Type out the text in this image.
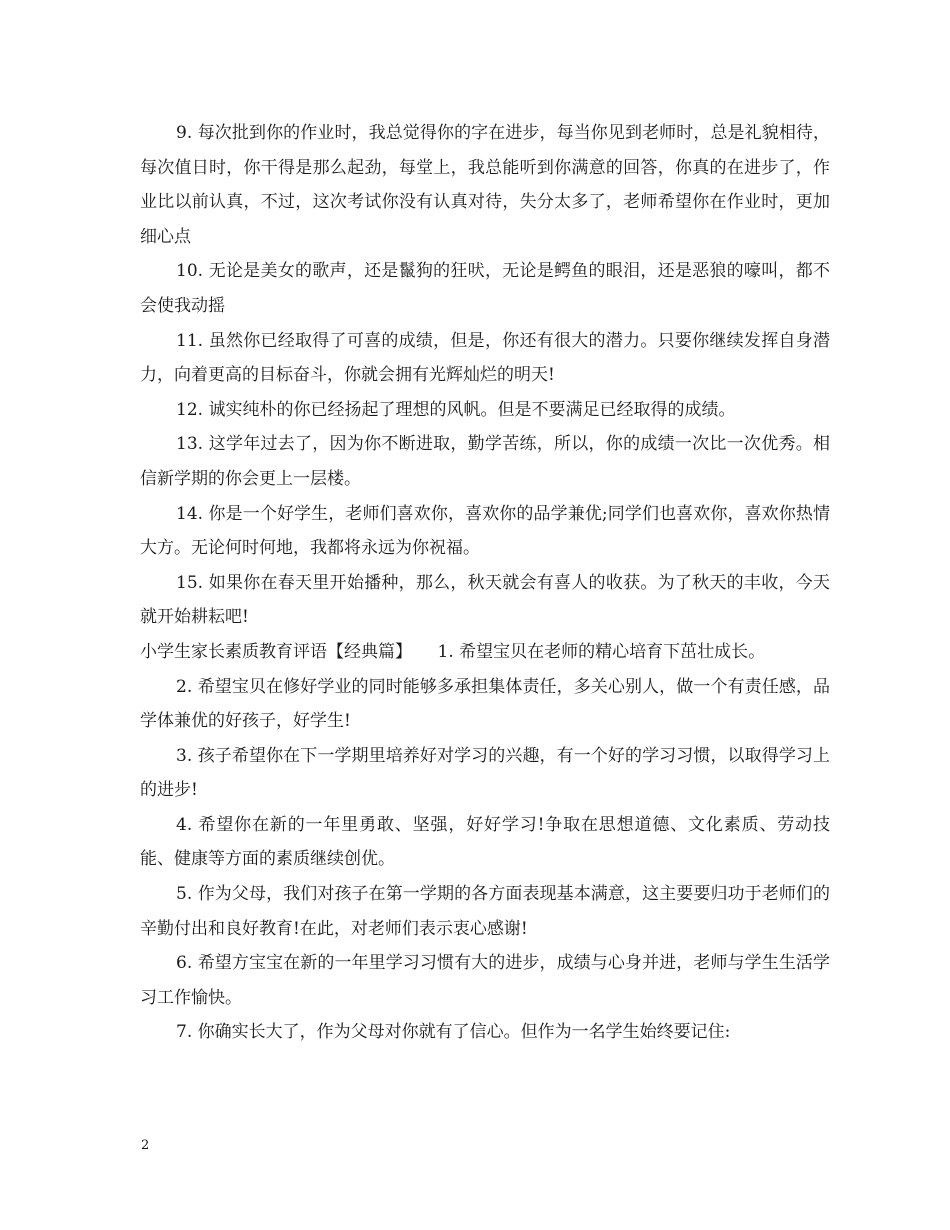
9. 每次批到你的作业时，我总觉得你的字在进步，每当你见到老师时，总是礼貌相待，每次值日时，你干得是那么起劲，每堂上，我总能听到你满意的回答，你真的在进步了，作业比以前认真，不过，这次考试你没有认真对待，失分太多了，老师希望你在作业时，更加细心点

10. 无论是美女的歌声，还是鬣狗的狂吠，无论是鳄鱼的眼泪，还是恶狼的嚎叫，都不会使我动摇

11. 虽然你已经取得了可喜的成绩，但是，你还有很大的潜力。只要你继续发挥自身潜力，向着更高的目标奋斗，你就会拥有光辉灿烂的明天!

12. 诚实纯朴的你已经扬起了理想的风帆。但是不要满足已经取得的成绩。

13. 这学年过去了，因为你不断进取，勤学苦练，所以，你的成绩一次比一次优秀。相信新学期的你会更上一层楼。

14. 你是一个好学生，老师们喜欢你，喜欢你的品学兼优;同学们也喜欢你，喜欢你热情大方。无论何时何地，我都将永远为你祝福。

15. 如果你在春天里开始播种，那么，秋天就会有喜人的收获。为了秋天的丰收，今天就开始耕耘吧!

小学生家长素质教育评语【经典篇】　　1. 希望宝贝在老师的精心培育下茁壮成长。

2. 希望宝贝在修好学业的同时能够多承担集体责任，多关心别人，做一个有责任感，品学体兼优的好孩子，好学生!

3. 孩子希望你在下一学期里培养好对学习的兴趣，有一个好的学习习惯，以取得学习上的进步!

4. 希望你在新的一年里勇敢、坚强，好好学习!争取在思想道德、文化素质、劳动技能、健康等方面的素质继续创优。

5. 作为父母，我们对孩子在第一学期的各方面表现基本满意，这主要要归功于老师们的辛勤付出和良好教育!在此，对老师们表示衷心感谢!

6. 希望方宝宝在新的一年里学习习惯有大的进步，成绩与心身并进，老师与学生生活学习工作愉快。

7. 你确实长大了，作为父母对你就有了信心。但作为一名学生始终要记住:

2
